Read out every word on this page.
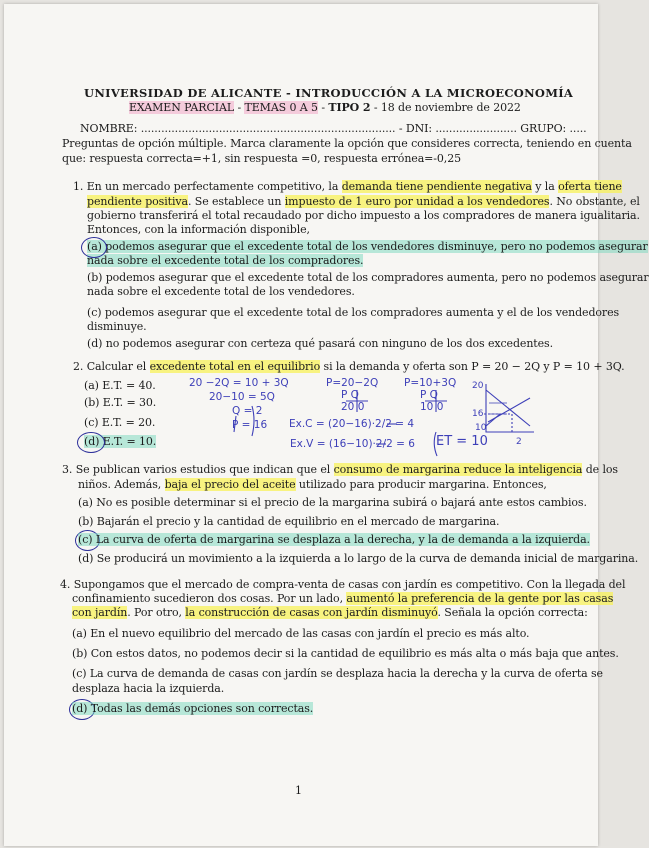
UNIVERSIDAD DE ALICANTE - INTRODUCCIÓN A LA MICROECONOMÍA
EXAMEN PARCIAL - TEMAS 0 A 5 - TIPO 2 - 18 de noviembre de 2022
NOMBRE: ........................................................................... - DNI: ........................ GRUPO: .....
Preguntas de opción múltiple. Marca claramente la opción que consideres correcta, teniendo en cuenta
que: respuesta correcta=+1, sin respuesta =0, respuesta errónea=-0,25
1. En un mercado perfectamente competitivo, la demanda tiene pendiente negativa y la oferta tiene
pendiente positiva. Se establece un impuesto de 1 euro por unidad a los vendedores. No obstante, el
gobierno transferirá el total recaudado por dicho impuesto a los compradores de manera igualitaria.
Entonces, con la información disponible,
(a) podemos asegurar que el excedente total de los vendedores disminuye, pero no podemos asegurar
nada sobre el excedente total de los compradores.
(b) podemos asegurar que el excedente total de los compradores aumenta, pero no podemos asegurar
nada sobre el excedente total de los vendedores.
(c) podemos asegurar que el excedente total de los compradores aumenta y el de los vendedores
disminuye.
(d) no podemos asegurar con certeza qué pasará con ninguno de los dos excedentes.
2. Calcular el excedente total en el equilibrio si la demanda y oferta son P = 20 − 2Q y P = 10 + 3Q.
(a) E.T. = 40.
(b) E.T. = 30.
(c) E.T. = 20.
(d) E.T. = 10.
20 −2Q = 10 + 3Q
20−10 = 5Q
Q = 2
P = 16
P=20−2Q
P Q
20 0
P=10+3Q
P Q
10 0
Ex.C = (20−16)·2/2 = 4
Ex.V = (16−10)·2/2 = 6 ET = 10
20
16
10
2
3. Se publican varios estudios que indican que el consumo de margarina reduce la inteligencia de los
niños. Además, baja el precio del aceite utilizado para producir margarina. Entonces,
(a) No es posible determinar si el precio de la margarina subirá o bajará ante estos cambios.
(b) Bajarán el precio y la cantidad de equilibrio en el mercado de margarina.
(c) La curva de oferta de margarina se desplaza a la derecha, y la de demanda a la izquierda.
(d) Se producirá un movimiento a la izquierda a lo largo de la curva de demanda inicial de margarina.
4. Supongamos que el mercado de compra-venta de casas con jardín es competitivo. Con la llegada del
confinamiento sucedieron dos cosas. Por un lado, aumentó la preferencia de la gente por las casas
con jardín. Por otro, la construcción de casas con jardín disminuyó. Señala la opción correcta:
(a) En el nuevo equilibrio del mercado de las casas con jardín el precio es más alto.
(b) Con estos datos, no podemos decir si la cantidad de equilibrio es más alta o más baja que antes.
(c) La curva de demanda de casas con jardín se desplaza hacia la derecha y la curva de oferta se
desplaza hacia la izquierda.
(d) Todas las demás opciones son correctas.
1
